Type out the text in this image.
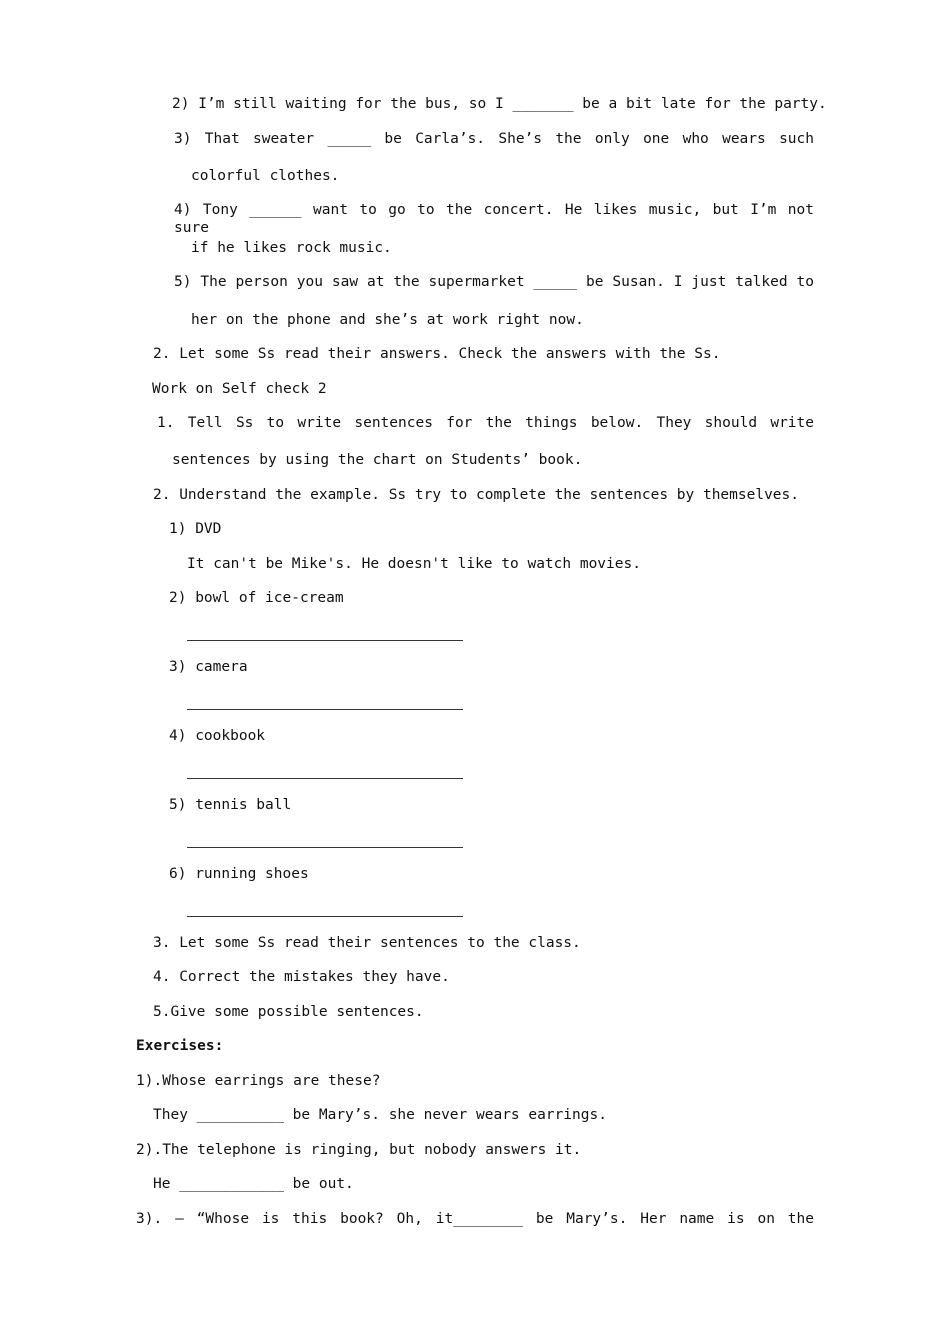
2) I’m still waiting for the bus, so I _______ be a bit late for the party.
3) That sweater _____ be Carla’s. She’s the only one who wears such
colorful clothes.
4) Tony ______ want to go to the concert. He likes music, but I’m not sure
if he likes rock music.
5) The person you saw at the supermarket _____ be Susan. I just talked to
her on the phone and she’s at work right now.
2. Let some Ss read their answers. Check the answers with the Ss.
Work on Self check 2
1. Tell Ss to write sentences for the things below. They should write
sentences by using the chart on Students’ book.
2. Understand the example. Ss try to complete the sentences by themselves.
1) DVD
It can't be Mike's. He doesn't like to watch movies.
2) bowl of ice-cream
3) camera
4) cookbook
5) tennis ball
6) running shoes
3. Let some Ss read their sentences to the class.
4. Correct the mistakes they have.
5.Give some possible sentences.
Exercises:
1).Whose earrings are these?
They __________ be Mary’s. she never wears earrings.
2).The telephone is ringing, but nobody answers it.
He ____________ be out.
3). — “Whose is this book? Oh, it________ be Mary’s. Her name is on the
